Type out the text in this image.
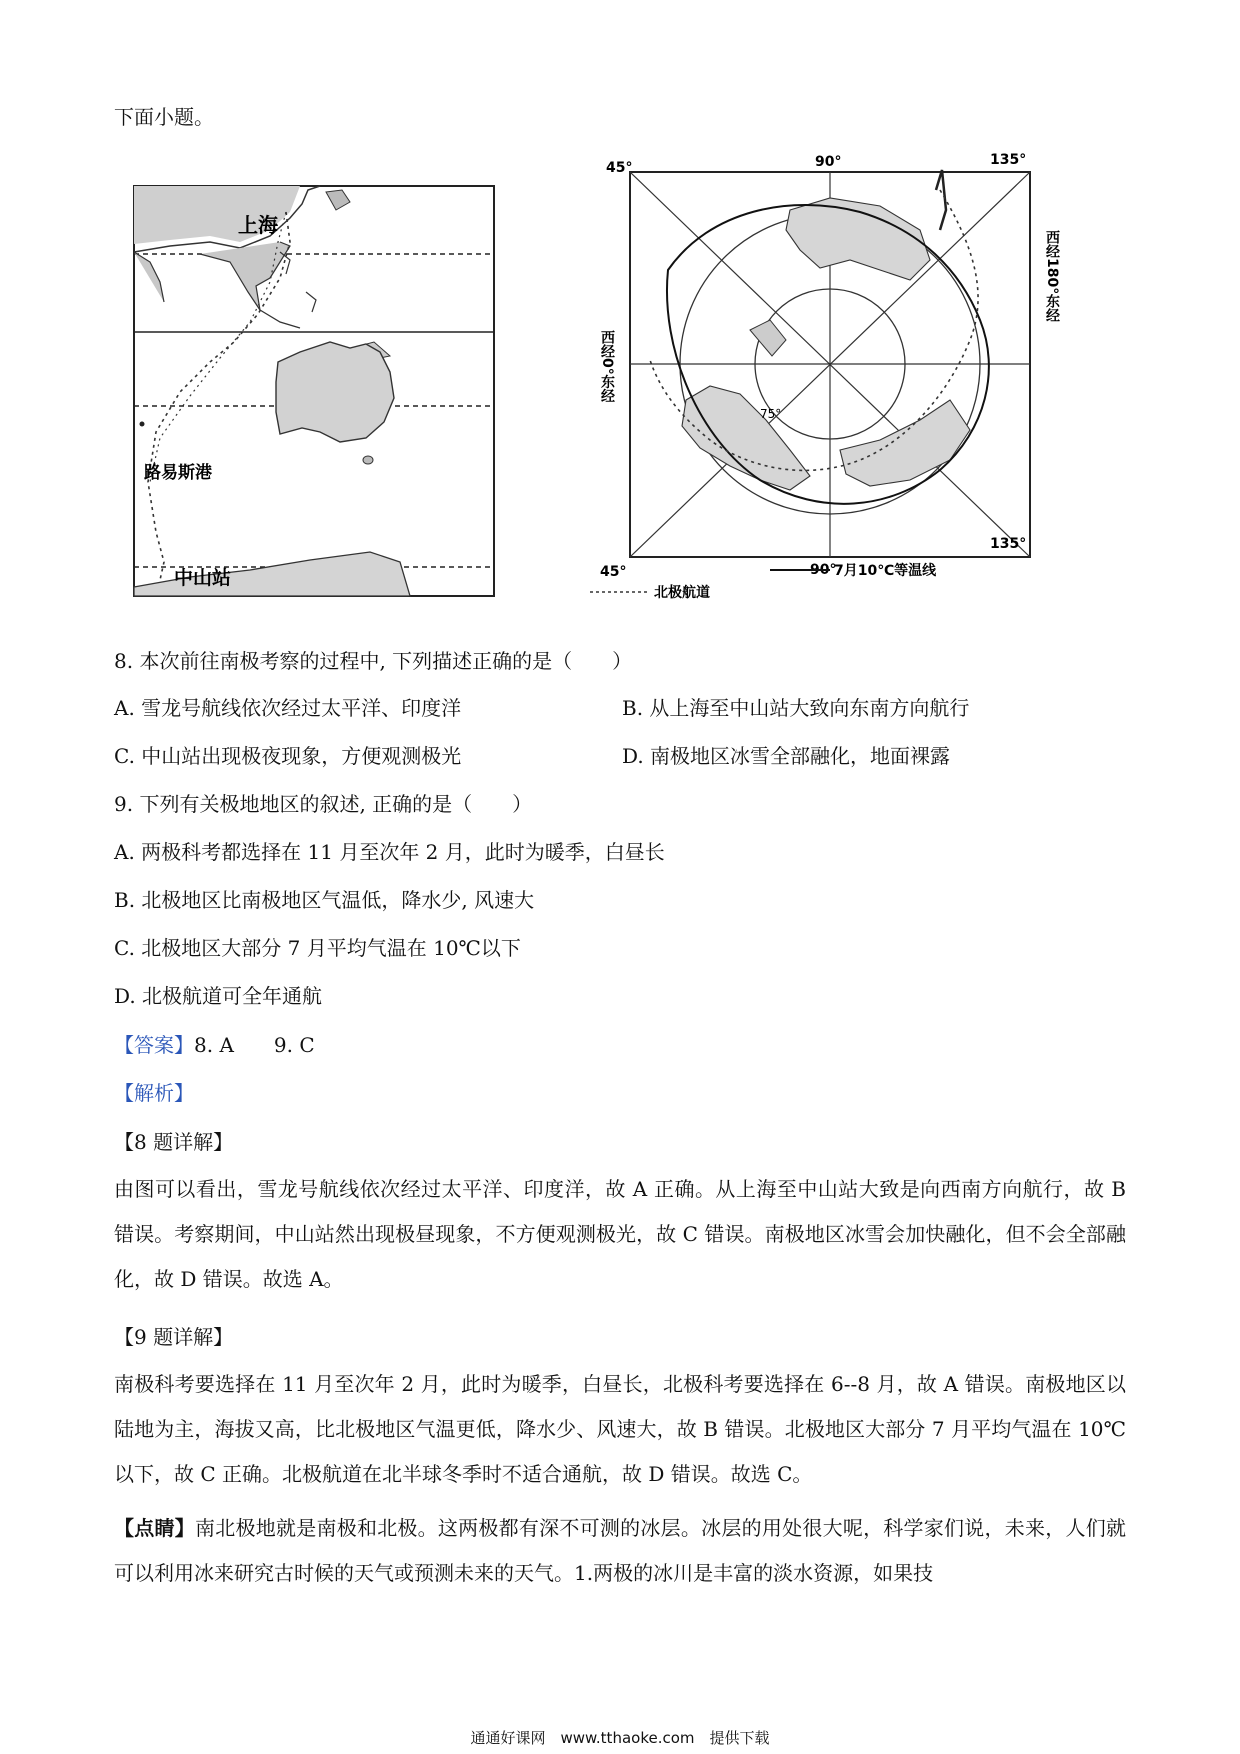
下面小题。
上海
路易斯港
中山站
45°	90°	135°
45°	90°
135°
75°
西经0°东经
西经180°东经
北极航道
7月10℃等温线
8. 本次前往南极考察的过程中, 下列描述正确的是（　　）
A. 雪龙号航线依次经过太平洋、印度洋	B. 从上海至中山站大致向东南方向航行
C. 中山站出现极夜现象，方便观测极光	D. 南极地区冰雪全部融化，地面裸露
9. 下列有关极地地区的叙述, 正确的是（　　）
A. 两极科考都选择在 11 月至次年 2 月，此时为暖季，白昼长
B. 北极地区比南极地区气温低，降水少, 风速大
C. 北极地区大部分 7 月平均气温在 10℃以下
D. 北极航道可全年通航
【答案】8. A　　9. C
【解析】
【8 题详解】
由图可以看出，雪龙号航线依次经过太平洋、印度洋，故 A 正确。从上海至中山站大致是向西南方向航行，故 B 错误。考察期间，中山站然出现极昼现象，不方便观测极光，故 C 错误。南极地区冰雪会加快融化，但不会全部融化，故 D 错误。故选 A。
【9 题详解】
南极科考要选择在 11 月至次年 2 月，此时为暖季，白昼长，北极科考要选择在 6--8 月，故 A 错误。南极地区以陆地为主，海拔又高，比北极地区气温更低，降水少、风速大，故 B 错误。北极地区大部分 7 月平均气温在 10℃以下，故 C 正确。北极航道在北半球冬季时不适合通航，故 D 错误。故选 C。
【点睛】南北极地就是南极和北极。这两极都有深不可测的冰层。冰层的用处很大呢，科学家们说，未来，人们就可以利用冰来研究古时候的天气或预测未来的天气。1.两极的冰川是丰富的淡水资源，如果技
通通好课网　www.tthaoke.com　提供下载
